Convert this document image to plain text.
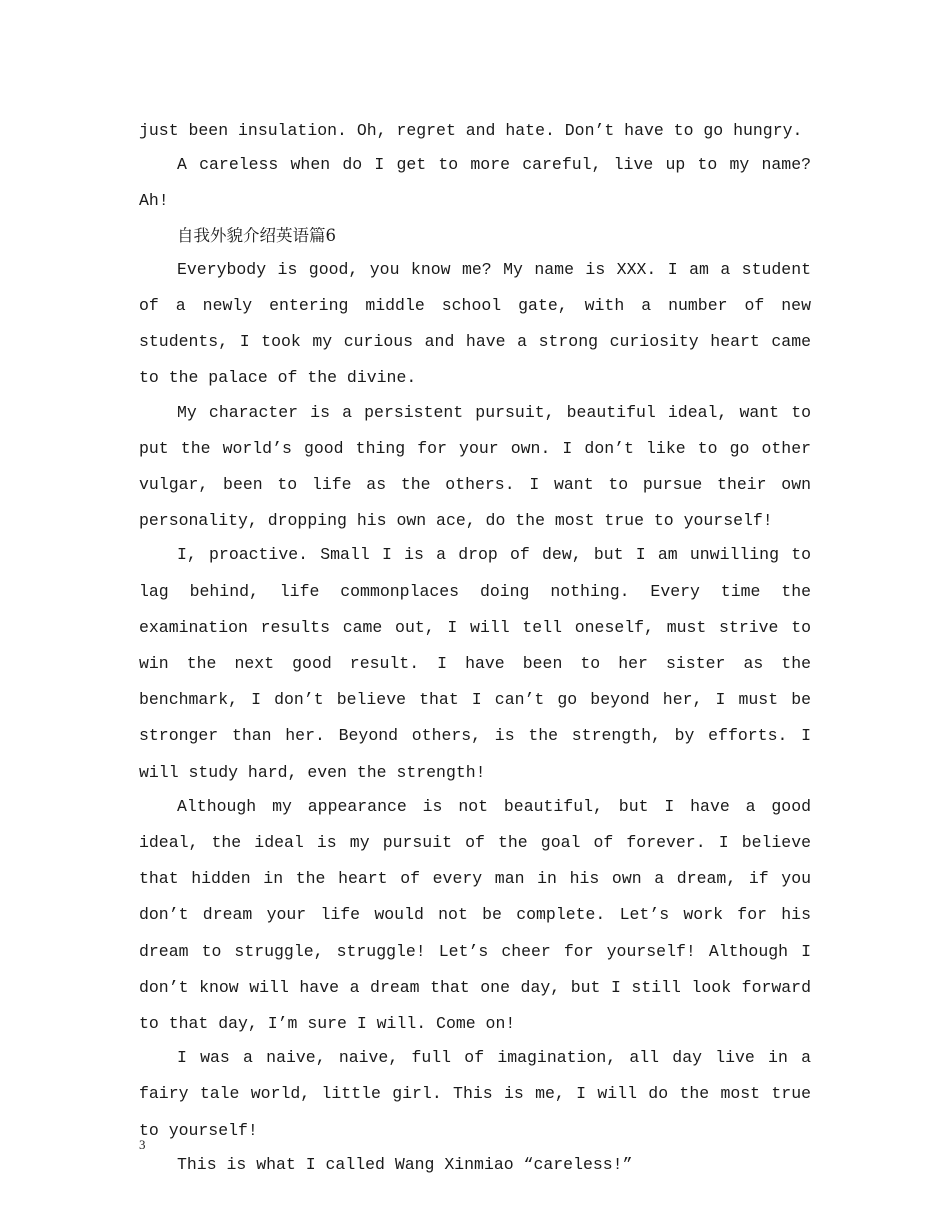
just been insulation. Oh, regret and hate. Don’t have to go hungry.

A careless when do I get to more careful, live up to my name? Ah!

自我外貌介绍英语篇6

Everybody is good, you know me? My name is XXX. I am a student of a newly entering middle school gate, with a number of new students, I took my curious and have a strong curiosity heart came to the palace of the divine.

My character is a persistent pursuit, beautiful ideal, want to put the world’s good thing for your own. I don’t like to go other vulgar, been to life as the others. I want to pursue their own personality, dropping his own ace, do the most true to yourself!

I, proactive. Small I is a drop of dew, but I am unwilling to lag behind, life commonplaces doing nothing. Every time the examination results came out, I will tell oneself, must strive to win the next good result. I have been to her sister as the benchmark, I don’t believe that I can’t go beyond her, I must be stronger than her. Beyond others, is the strength, by efforts. I will study hard, even the strength!

Although my appearance is not beautiful, but I have a good ideal, the ideal is my pursuit of the goal of forever. I believe that hidden in the heart of every man in his own a dream, if you don’t dream your life would not be complete. Let’s work for his dream to struggle, struggle! Let’s cheer for yourself! Although I don’t know will have a dream that one day, but I still look forward to that day, I’m sure I will. Come on!

I was a naive, naive, full of imagination, all day live in a fairy tale world, little girl. This is me, I will do the most true to yourself!

This is what I called Wang Xinmiao “careless!”

3
